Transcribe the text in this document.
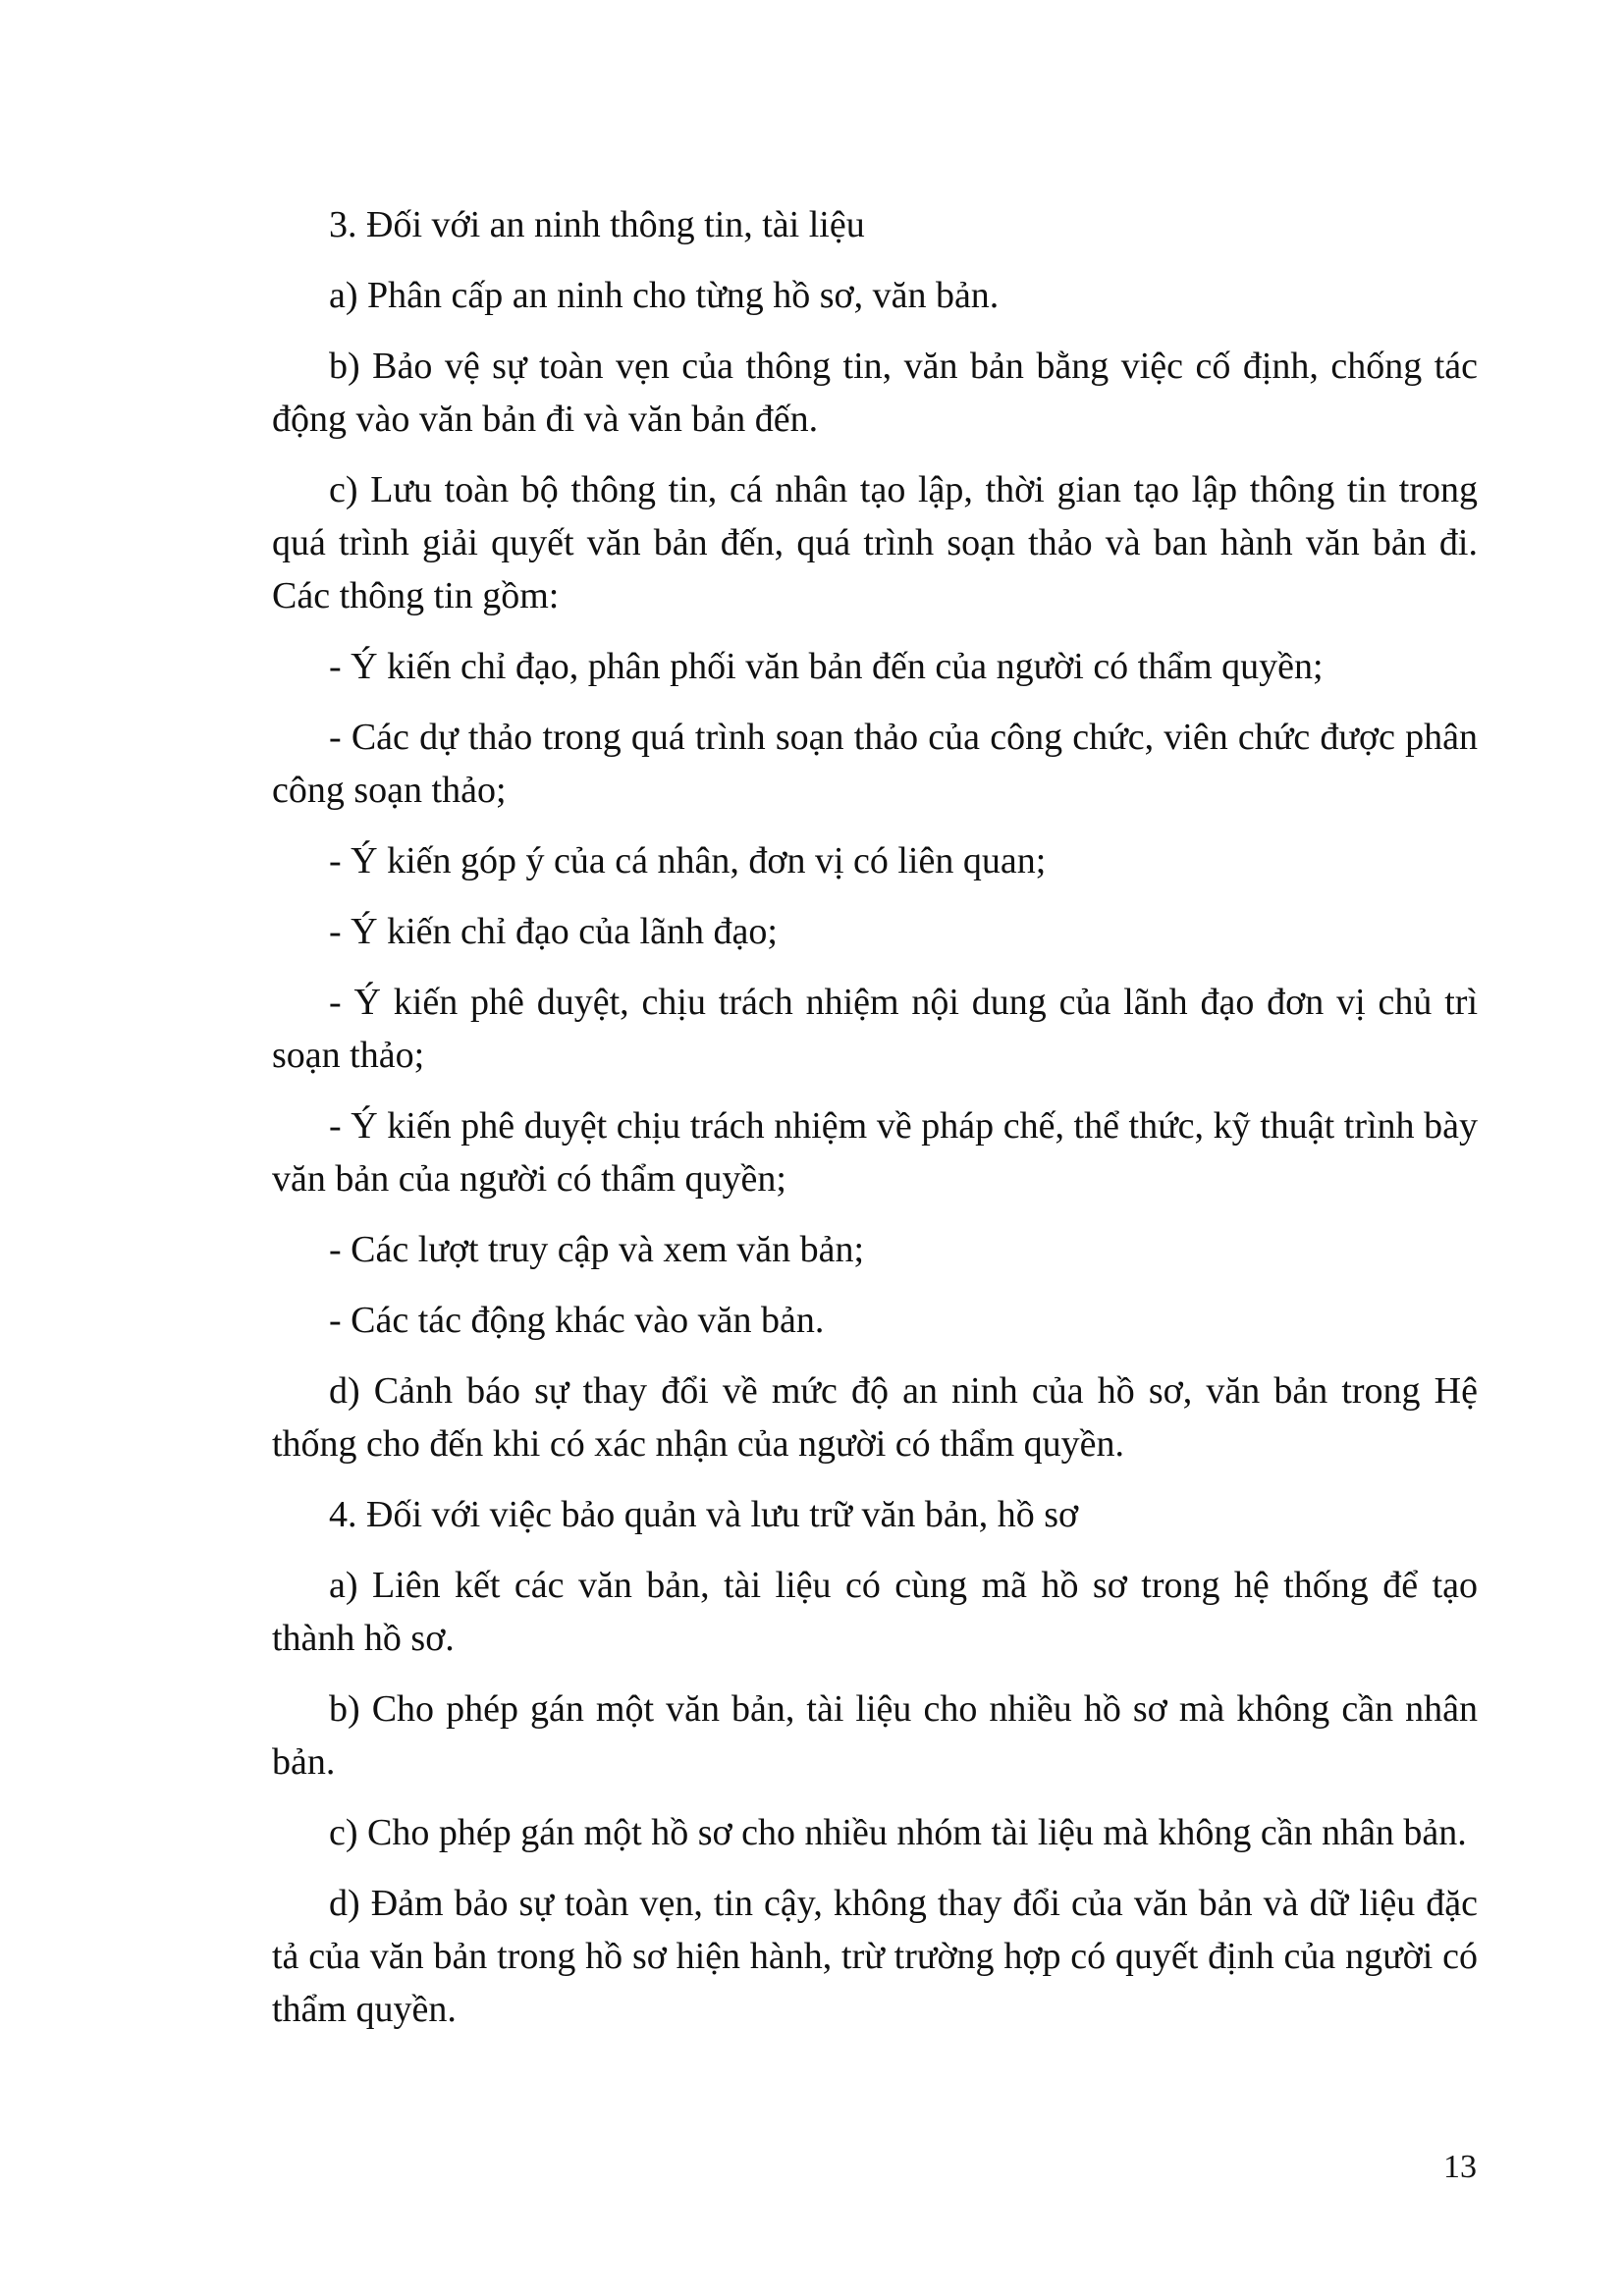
3. Đối với an ninh thông tin, tài liệu

a) Phân cấp an ninh cho từng hồ sơ, văn bản.

b) Bảo vệ sự toàn vẹn của thông tin, văn bản bằng việc cố định, chống tác động vào văn bản đi và văn bản đến.

c) Lưu toàn bộ thông tin, cá nhân tạo lập, thời gian tạo lập thông tin trong quá trình giải quyết văn bản đến, quá trình soạn thảo và ban hành văn bản đi. Các thông tin gồm:

- Ý kiến chỉ đạo, phân phối văn bản đến của người có thẩm quyền;

- Các dự thảo trong quá trình soạn thảo của công chức, viên chức được phân công soạn thảo;

- Ý kiến góp ý của cá nhân, đơn vị có liên quan;

- Ý kiến chỉ đạo của lãnh đạo;

- Ý kiến phê duyệt, chịu trách nhiệm nội dung của lãnh đạo đơn vị chủ trì soạn thảo;

- Ý kiến phê duyệt chịu trách nhiệm về pháp chế, thể thức, kỹ thuật trình bày văn bản của người có thẩm quyền;

- Các lượt truy cập và xem văn bản;

- Các tác động khác vào văn bản.

d) Cảnh báo sự thay đổi về mức độ an ninh của hồ sơ, văn bản trong Hệ thống cho đến khi có xác nhận của người có thẩm quyền.

4. Đối với việc bảo quản và lưu trữ văn bản, hồ sơ

a) Liên kết các văn bản, tài liệu có cùng mã hồ sơ trong hệ thống để tạo thành hồ sơ.

b) Cho phép gán một văn bản, tài liệu cho nhiều hồ sơ mà không cần nhân bản.

c) Cho phép gán một hồ sơ cho nhiều nhóm tài liệu mà không cần nhân bản.

d) Đảm bảo sự toàn vẹn, tin cậy, không thay đổi của văn bản và dữ liệu đặc tả của văn bản trong hồ sơ hiện hành, trừ trường hợp có quyết định của người có thẩm quyền.

13
